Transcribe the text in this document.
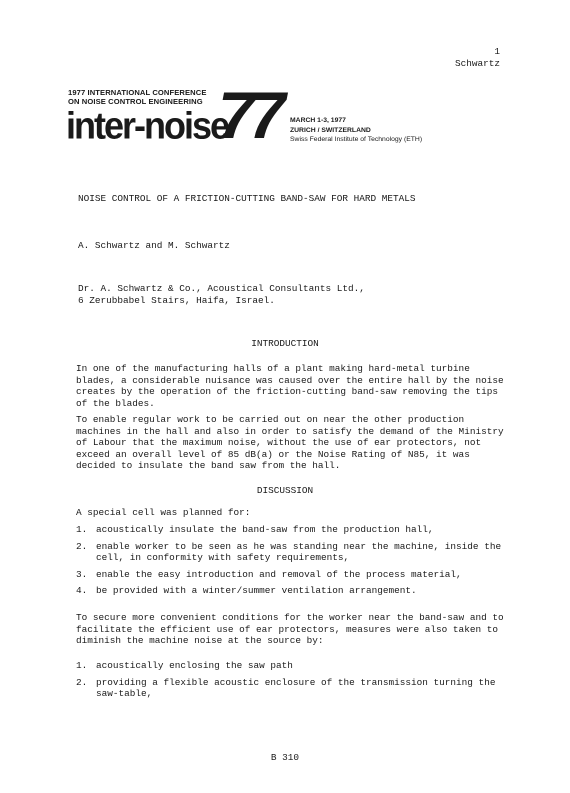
1
Schwartz
1977 INTERNATIONAL CONFERENCE
ON NOISE CONTROL ENGINEERING
inter-noise
77 MARCH 1-3, 1977
ZURICH / SWITZERLAND
Swiss Federal Institute of Technology (ETH)
NOISE CONTROL OF A FRICTION-CUTTING BAND-SAW FOR HARD METALS
A. Schwartz and M. Schwartz
Dr. A. Schwartz & Co., Acoustical Consultants Ltd.,
6 Zerubbabel Stairs, Haifa, Israel.
INTRODUCTION
In one of the manufacturing halls of a plant making hard-metal turbine blades, a considerable nuisance was caused over the entire hall by the noise creates by the operation of the friction-cutting band-saw removing the tips of the blades.
To enable regular work to be carried out on near the other production machines in the hall and also in order to satisfy the demand of the Ministry of Labour that the maximum noise, without the use of ear protectors, not exceed an overall level of 85 dB(a) or the Noise Rating of N85, it was decided to insulate the band saw from the hall.
DISCUSSION
A special cell was planned for:
1. acoustically insulate the band-saw from the production hall,
2. enable worker to be seen as he was standing near the machine, inside the cell, in conformity with safety requirements,
3. enable the easy introduction and removal of the process material,
4. be provided with a winter/summer ventilation arrangement.
To secure more convenient conditions for the worker near the band-saw and to facilitate the efficient use of ear protectors, measures were also taken to diminish the machine noise at the source by:
1. acoustically enclosing the saw path
2. providing a flexible acoustic enclosure of the transmission turning the saw-table,
B 310
